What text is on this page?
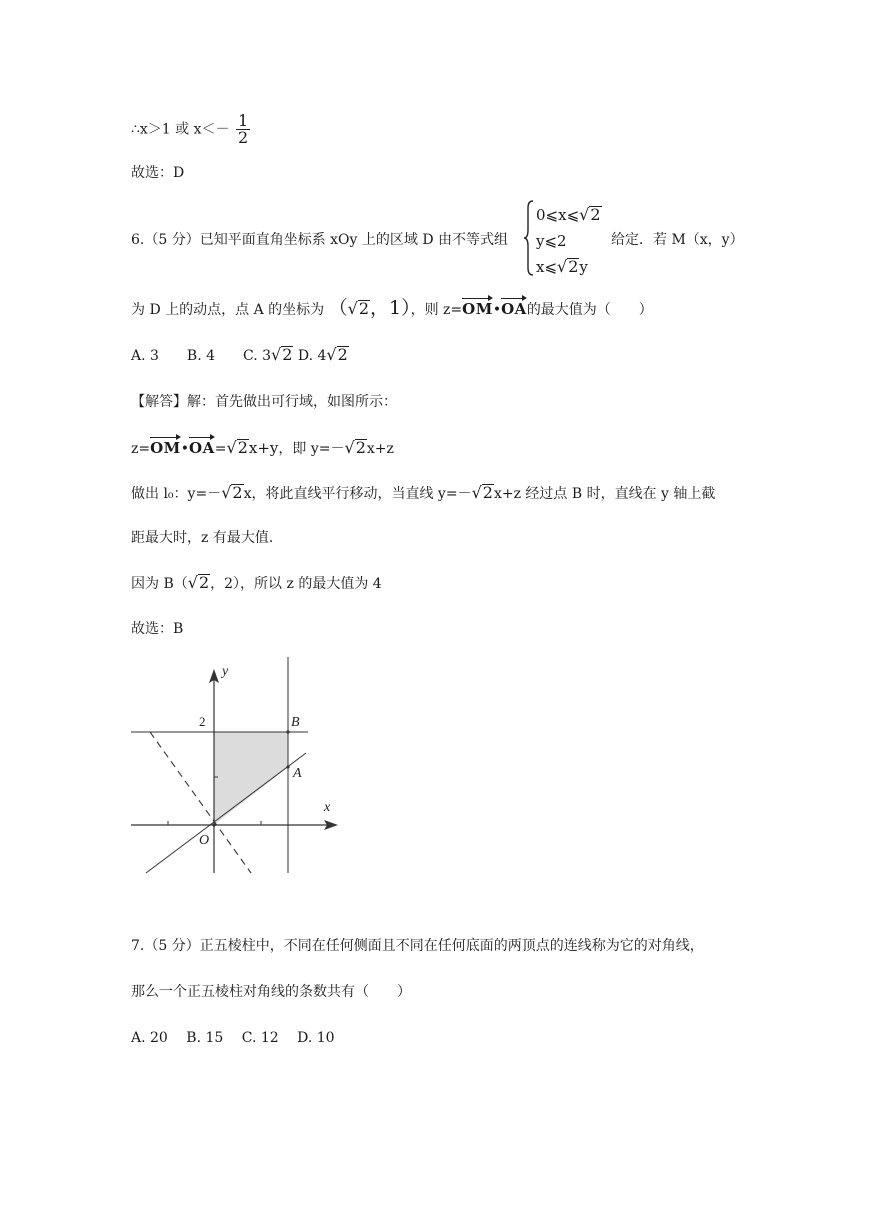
∴x＞1 或 $x<- \frac{1}{2}$
故选：D
6.（5 分）已知平面直角坐标系 xOy 上的区域 D 由不等式组
0⩽x⩽√2
y⩽2
x⩽√2y
给定．若 M（x，y）
为 D 上的动点，点 A 的坐标为 （√2，1），则 z=OM•OA的最大值为（　　）
A. 3　　B. 4　　C. 3√2 D. 4√2
【解答】解：首先做出可行域，如图所示：
z=OM•OA=√2x+y，即 y=－√2x+z
做出 l₀：y=－√2x，将此直线平行移动，当直线 y=－√2x+z 经过点 B 时，直线在 y 轴上截
距最大时，z 有最大值．
因为 B（√2，2），所以 z 的最大值为 4
故选：B
y
x
2	B
A
O
7.（5 分）正五棱柱中，不同在任何侧面且不同在任何底面的两顶点的连线称为它的对角线，
那么一个正五棱柱对角线的条数共有（　　）
A. 20　 B. 15　 C. 12　 D. 10
